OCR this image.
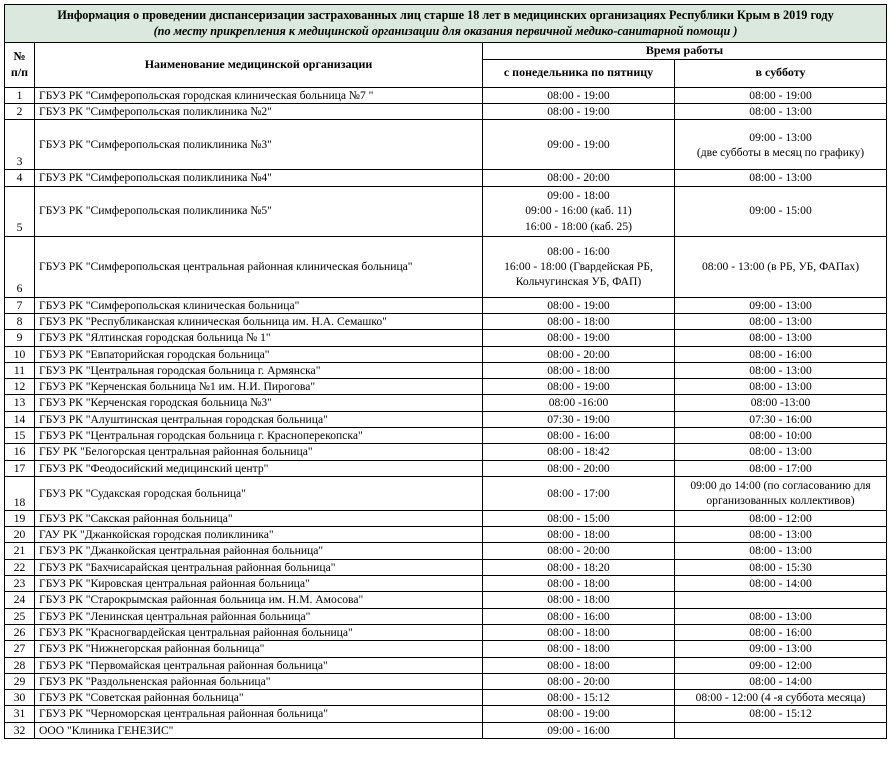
Информация о проведении диспансеризации застрахованных лиц старше 18 лет в медицинских организациях Республики Крым в 2019 году
(по месту прикрепления к медицинской организации для оказания первичной медико-санитарной помощи )			

№ п/п	Наименование медицинской организации	Время работы	
		с понедельника по пятницу	в субботу
1	ГБУЗ РК "Симферопольская городская клиническая больница №7 "	08:00 - 19:00	08:00 - 19:00
2	ГБУЗ РК "Симферопольская поликлиника №2"	08:00 - 19:00	08:00 - 13:00
3	ГБУЗ РК "Симферопольская поликлиника №3"	09:00 - 19:00	09:00 - 13:00
(две субботы в месяц по графику)
4	ГБУЗ РК "Симферопольская поликлиника №4"	08:00 - 20:00	08:00 - 13:00
5	ГБУЗ РК "Симферопольская поликлиника №5"	09:00 - 18:00
09:00 - 16:00 (каб. 11)
16:00 - 18:00 (каб. 25)	09:00 - 15:00
6	ГБУЗ РК "Симферопольская центральная районная клиническая больница"	08:00 - 16:00
16:00 - 18:00 (Гвардейская РБ,
Кольчугинская УБ, ФАП)	08:00 - 13:00 (в РБ, УБ, ФАПах)
7	ГБУЗ РК "Симферопольская клиническая больница"	08:00 - 19:00	09:00 - 13:00
8	ГБУЗ РК "Республиканская клиническая больница им. Н.А. Семашко"	08:00 - 18:00	08:00 - 13:00
9	ГБУЗ РК "Ялтинская городская больница № 1"	08:00 - 19:00	08:00 - 13:00
10	ГБУЗ РК "Евпаторийская городская больница"	08:00 - 20:00	08:00 - 16:00
11	ГБУЗ РК "Центральная городская больница г. Армянска"	08:00 - 18:00	08:00 - 13:00
12	ГБУЗ РК "Керченская больница №1 им. Н.И. Пирогова"	08:00 - 19:00	08:00 - 13:00
13	ГБУЗ РК "Керченская городская больница №3"	08:00 -16:00	08:00 -13:00
14	ГБУЗ РК "Алуштинская центральная городская больница"	07:30 - 19:00	07:30 - 16:00
15	ГБУЗ РК "Центральная городская больница г. Красноперекопска"	08:00 - 16:00	08:00 - 10:00
16	ГБУ РК "Белогорская центральная районная больница"	08:00 - 18:42	08:00 - 13:00
17	ГБУЗ РК "Феодосийский медицинский центр"	08:00 - 20:00	08:00 - 17:00
18	ГБУЗ РК "Судакская городская больница"	08:00 - 17:00	09:00 до 14:00 (по согласованию для
организованных коллективов)
19	ГБУЗ РК "Сакская районная больница"	08:00 - 15:00	08:00 - 12:00
20	ГАУ РК "Джанкойская городская поликлиника"	08:00 - 18:00	08:00 - 13:00
21	ГБУЗ РК "Джанкойская центральная районная больница"	08:00 - 20:00	08:00 - 13:00
22	ГБУЗ РК "Бахчисарайская центральная районная больница"	08:00 - 18:20	08:00 - 15:30
23	ГБУЗ РК "Кировская центральная районная больница"	08:00 - 18:00	08:00 - 14:00
24	ГБУЗ РК "Старокрымская районная больница им. Н.М. Амосова"	08:00 - 18:00	
25	ГБУЗ РК "Ленинская центральная районная больница"	08:00 - 16:00	08:00 - 13:00
26	ГБУЗ РК "Красногвардейская центральная районная больница"	08:00 - 18:00	08:00 - 16:00
27	ГБУЗ РК "Нижнегорская районная больница"	08:00 - 18:00	09:00 - 13:00
28	ГБУЗ РК "Первомайская центральная районная больница"	08:00 - 18:00	09:00 - 12:00
29	ГБУЗ РК "Раздольненская районная больница"	08:00 - 20:00	08:00 - 14:00
30	ГБУЗ РК "Советская районная больница"	08:00 - 15:12	08:00 - 12:00 (4 -я суббота месяца)
31	ГБУЗ РК "Черноморская центральная районная больница"	08:00 - 19:00	08:00 - 15:12
32	ООО "Клиника ГЕНЕЗИС"	09:00 - 16:00	
